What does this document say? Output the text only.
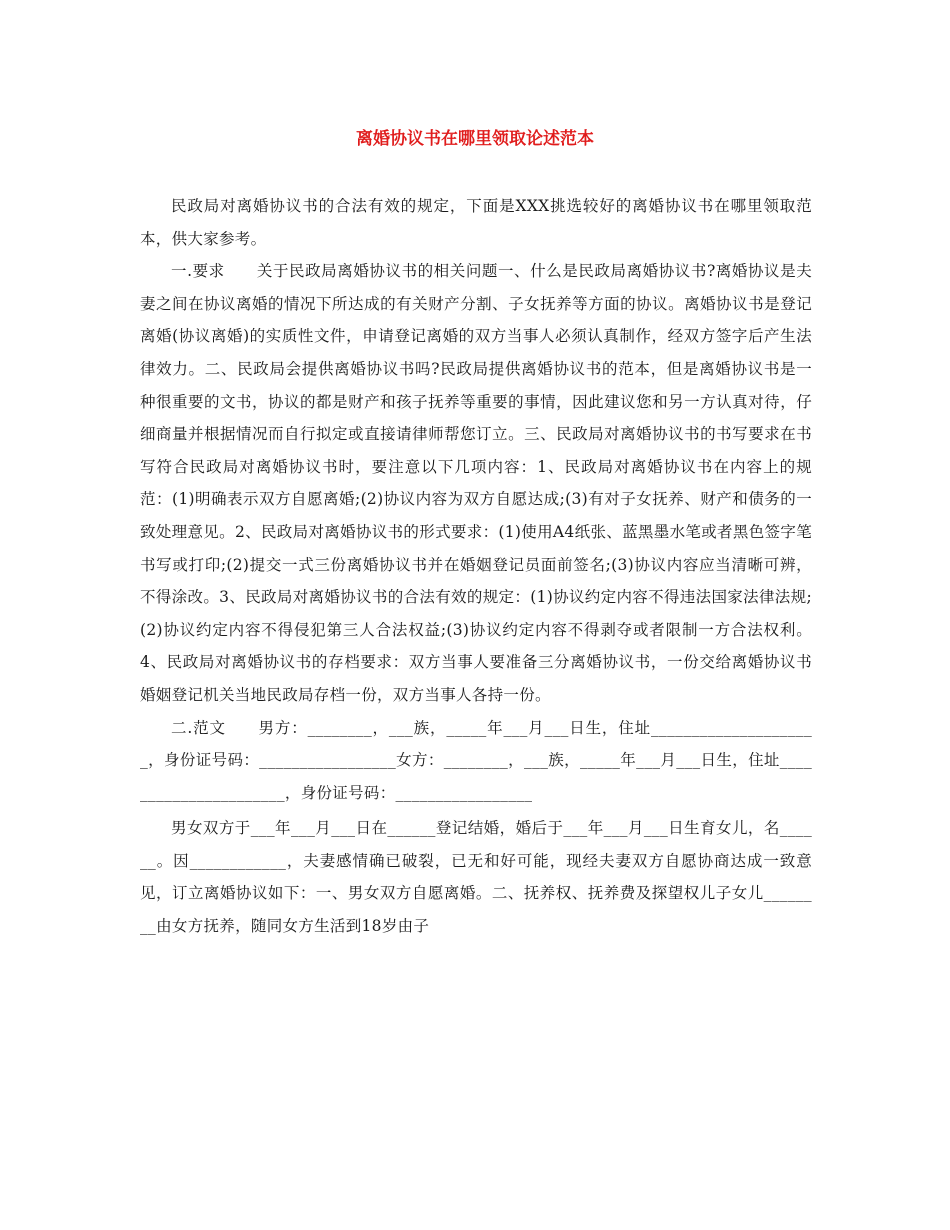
离婚协议书在哪里领取论述范本

民政局对离婚协议书的合法有效的规定，下面是XXX挑选较好的离婚协议书在哪里领取范本，供大家参考。

一.要求　　关于民政局离婚协议书的相关问题一、什么是民政局离婚协议书?离婚协议是夫妻之间在协议离婚的情况下所达成的有关财产分割、子女抚养等方面的协议。离婚协议书是登记离婚(协议离婚)的实质性文件，申请登记离婚的双方当事人必须认真制作，经双方签字后产生法律效力。二、民政局会提供离婚协议书吗?民政局提供离婚协议书的范本，但是离婚协议书是一种很重要的文书，协议的都是财产和孩子抚养等重要的事情，因此建议您和另一方认真对待，仔细商量并根据情况而自行拟定或直接请律师帮您订立。三、民政局对离婚协议书的书写要求在书写符合民政局对离婚协议书时，要注意以下几项内容：1、民政局对离婚协议书在内容上的规范：(1)明确表示双方自愿离婚;(2)协议内容为双方自愿达成;(3)有对子女抚养、财产和债务的一致处理意见。2、民政局对离婚协议书的形式要求：(1)使用A4纸张、蓝黑墨水笔或者黑色签字笔书写或打印;(2)提交一式三份离婚协议书并在婚姻登记员面前签名;(3)协议内容应当清晰可辨，不得涂改。3、民政局对离婚协议书的合法有效的规定：(1)协议约定内容不得违法国家法律法规;(2)协议约定内容不得侵犯第三人合法权益;(3)协议约定内容不得剥夺或者限制一方合法权利。4、民政局对离婚协议书的存档要求：双方当事人要准备三分离婚协议书，一份交给离婚协议书婚姻登记机关当地民政局存档一份，双方当事人各持一份。

二.范文　　男方：________，___族，_____年___月___日生，住址_____________________，身份证号码：_________________女方：________，___族，_____年___月___日生，住址______________________，身份证号码：_________________

男女双方于___年___月___日在______登记结婚，婚后于___年___月___日生育女儿，名______。因____________，夫妻感情确已破裂，已无和好可能，现经夫妻双方自愿协商达成一致意见，订立离婚协议如下：一、男女双方自愿离婚。二、抚养权、抚养费及探望权儿子女儿________由女方抚养，随同女方生活到18岁由子
